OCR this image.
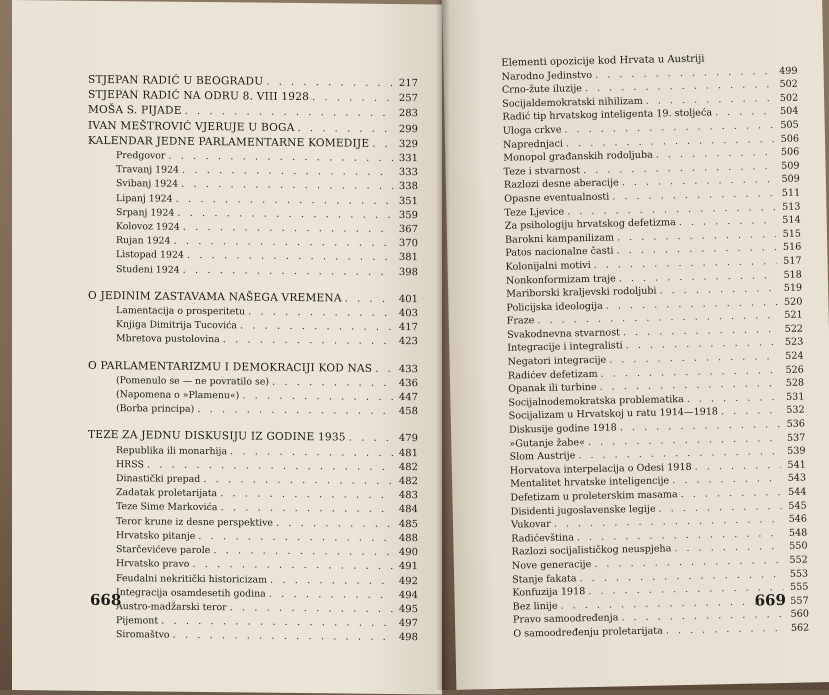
STJEPAN RADIĆ U BEOGRADU . . .	217
STJEPAN RADIĆ NA ODRU 8. VIII 1928 . . .	257
MOŠA S. PIJADE . . .	283
IVAN MEŠTROVIĆ VJERUJE U BOGA . . .	299
KALENDAR JEDNE PARLAMENTARNE KOMEDIJE . . .	329
Predgovor . . .	331
Travanj 1924 . . .	333
Svibanj 1924 . . .	338
Lipanj 1924 . . .	351
Srpanj 1924 . . .	359
Kolovoz 1924 . . .	367
Rujan 1924 . . .	370
Listopad 1924 . . .	381
Studeni 1924 . . .	398
O JEDINIM ZASTAVAMA NAŠEGA VREMENA . . .	401
Lamentacija o prosperitetu . . .	403
Knjiga Dimitrija Tucovića . . .	417
Mbretova pustolovina . . .	423
O PARLAMENTARIZMU I DEMOKRACIJI KOD NAS . . .	433
(Pomenulo se — ne povratilo se) . . .	436
(Napomena o »Plamenu«) . . .	447
(Borba principa) . . .	458
TEZE ZA JEDNU DISKUSIJU IZ GODINE 1935 . . .	479
Republika ili monarhija . . .	481
HRSS . . .	482
Dinastički prepad . . .	482
Zadatak proletarijata . . .	483
Teze Sime Markovića . . .	484
Teror krune iz desne perspektive . . .	485
Hrvatsko pitanje . . .	488
Starčevićeve parole . . .	490
Hrvatsko pravo . . .	491
Feudalni nekritički historicizam . . .	492
Integracija osamdesetih godina . . .	494
Austro-madžarski teror . . .	495
Pijemont . . .	497
Siromaštvo . . .	498
668
Elementi opozicije kod Hrvata u Austriji
Narodno Jedinstvo . . .	499
Crno-žute iluzije . . .	502
Socijaldemokratski nihilizam . . .	502
Radić tip hrvatskog inteligenta 19. stoljeća . . .	504
Uloga crkve . . .	505
Naprednjaci . . .	506
Monopol građanskih rodoljuba . . .	506
Teze i stvarnost . . .	509
Razlozi desne aberacije . . .	509
Opasne eventualnosti . . .	511
Teze Ljevice . . .	513
Za psihologiju hrvatskog defetizma . . .	514
Barokni kampanilizam . . .	515
Patos nacionalne časti . . .	516
Kolonijalni motivi . . .	517
Nonkonformizam traje . . .	518
Mariborski kraljevski rodoljubi . . .	519
Policijska ideologija . . .	520
Fraze . . .	521
Svakodnevna stvarnost . . .	522
Integracije i integralisti . . .	523
Negatori integracije . . .	524
Radićev defetizam . . .	526
Opanak ili turbine . . .	528
Socijalnodemokratska problematika . . .	531
Socijalizam u Hrvatskoj u ratu 1914—1918 . . .	532
Diskusije godine 1918 . . .	536
»Gutanje žabe« . . .	537
Slom Austrije . . .	539
Horvatova interpelacija o Odesi 1918 . . .	541
Mentalitet hrvatske inteligencije . . .	543
Defetizam u proleterskim masama . . .	544
Disidenti jugoslavenske legije . . .	545
Vukovar . . .	546
Radićevština . . .	548
Razlozi socijalističkog neuspjeha . . .	550
Nove generacije . . .	552
Stanje fakata . . .	553
Konfuzija 1918 . . .	555
Bez linije . . .	557
Pravo samoodređenja . . .	560
O samoodređenju proletarijata . . .	562
669
